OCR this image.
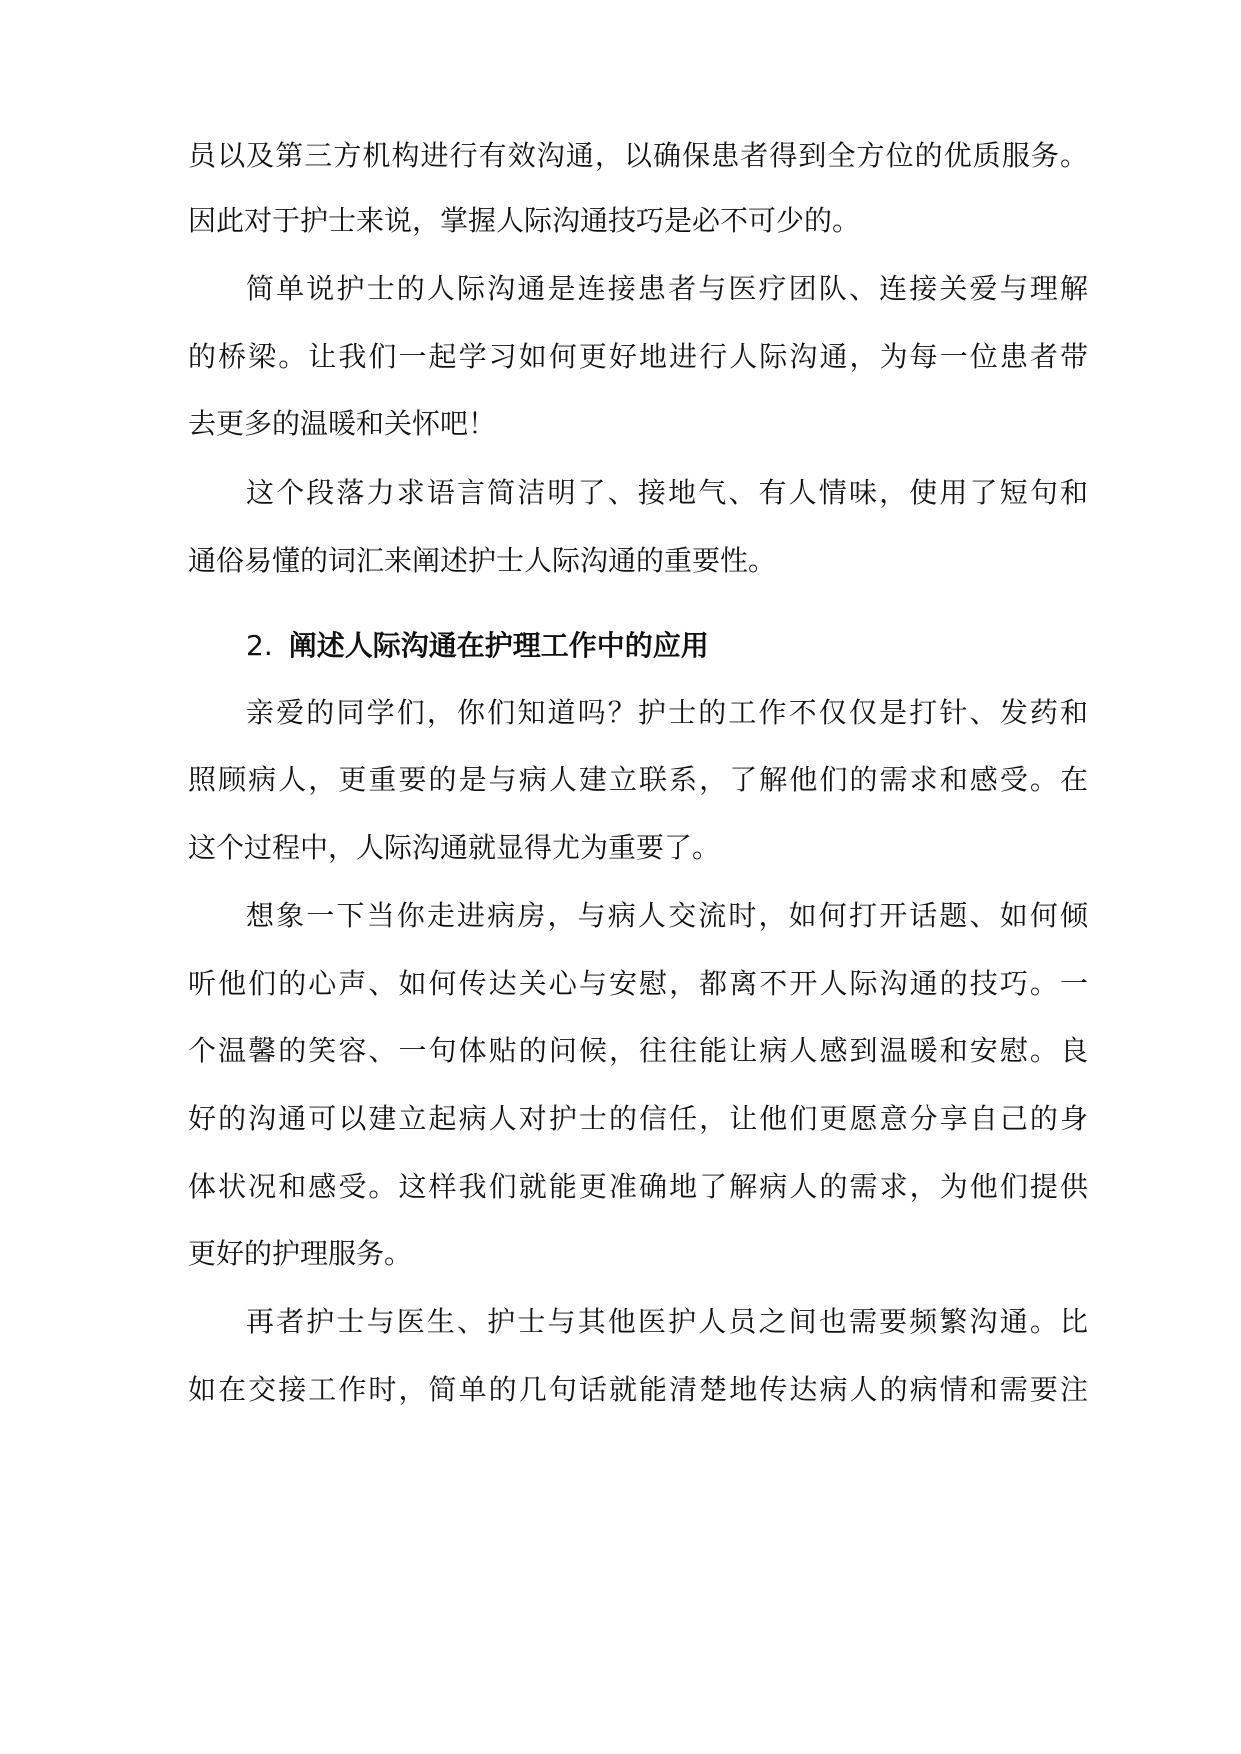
员以及第三方机构进行有效沟通，以确保患者得到全方位的优质服务。
因此对于护士来说，掌握人际沟通技巧是必不可少的。
简单说护士的人际沟通是连接患者与医疗团队、连接关爱与理解
的桥梁。让我们一起学习如何更好地进行人际沟通，为每一位患者带
去更多的温暖和关怀吧！
这个段落力求语言简洁明了、接地气、有人情味，使用了短句和
通俗易懂的词汇来阐述护士人际沟通的重要性。
2. 阐述人际沟通在护理工作中的应用
亲爱的同学们，你们知道吗？护士的工作不仅仅是打针、发药和
照顾病人，更重要的是与病人建立联系，了解他们的需求和感受。在
这个过程中，人际沟通就显得尤为重要了。
想象一下当你走进病房，与病人交流时，如何打开话题、如何倾
听他们的心声、如何传达关心与安慰，都离不开人际沟通的技巧。一
个温馨的笑容、一句体贴的问候，往往能让病人感到温暖和安慰。良
好的沟通可以建立起病人对护士的信任，让他们更愿意分享自己的身
体状况和感受。这样我们就能更准确地了解病人的需求，为他们提供
更好的护理服务。
再者护士与医生、护士与其他医护人员之间也需要频繁沟通。比
如在交接工作时，简单的几句话就能清楚地传达病人的病情和需要注
